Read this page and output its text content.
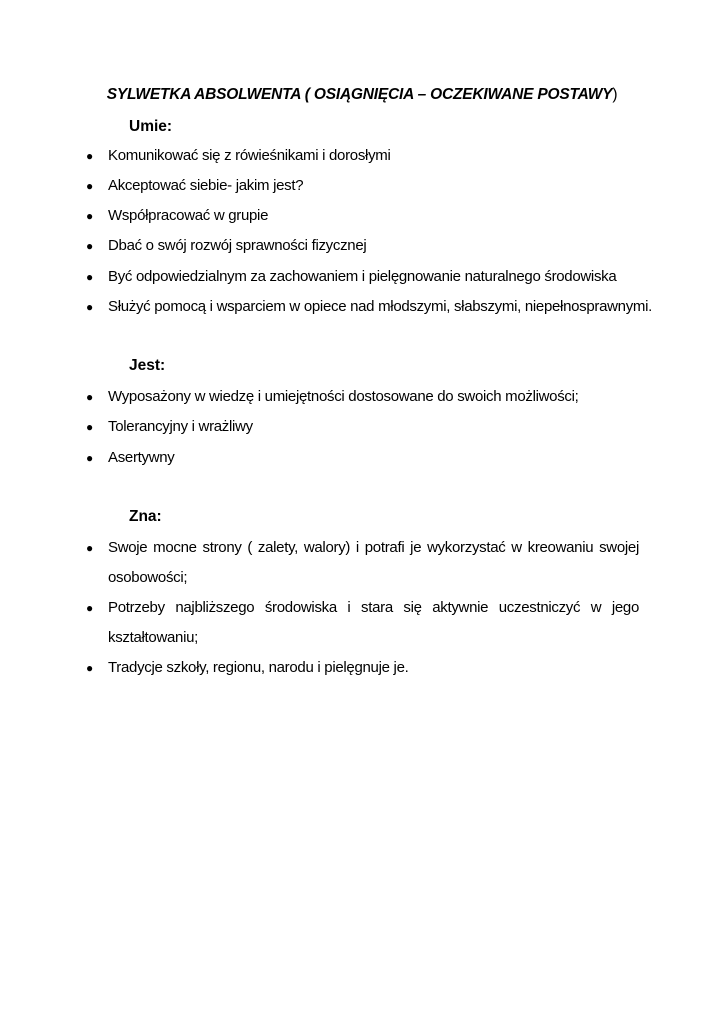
SYLWETKA ABSOLWENTA ( OSIĄGNIĘCIA – OCZEKIWANE POSTAWY)
Umie:
● Komunikować się z rówieśnikami i dorosłymi
● Akceptować siebie- jakim jest?
● Współpracować w grupie
● Dbać o swój rozwój sprawności fizycznej
● Być odpowiedzialnym za zachowaniem i pielęgnowanie naturalnego środowiska
● Służyć pomocą i wsparciem w opiece nad młodszymi, słabszymi, niepełnosprawnymi.
Jest:
● Wyposażony w wiedzę i umiejętności dostosowane do swoich możliwości;
● Tolerancyjny i wrażliwy
● Asertywny
Zna:
● Swoje mocne strony ( zalety, walory) i potrafi je wykorzystać w kreowaniu swojej osobowości;
● Potrzeby najbliższego środowiska i stara się aktywnie uczestniczyć w jego kształtowaniu;
● Tradycje szkoły, regionu, narodu i pielęgnuje je.
